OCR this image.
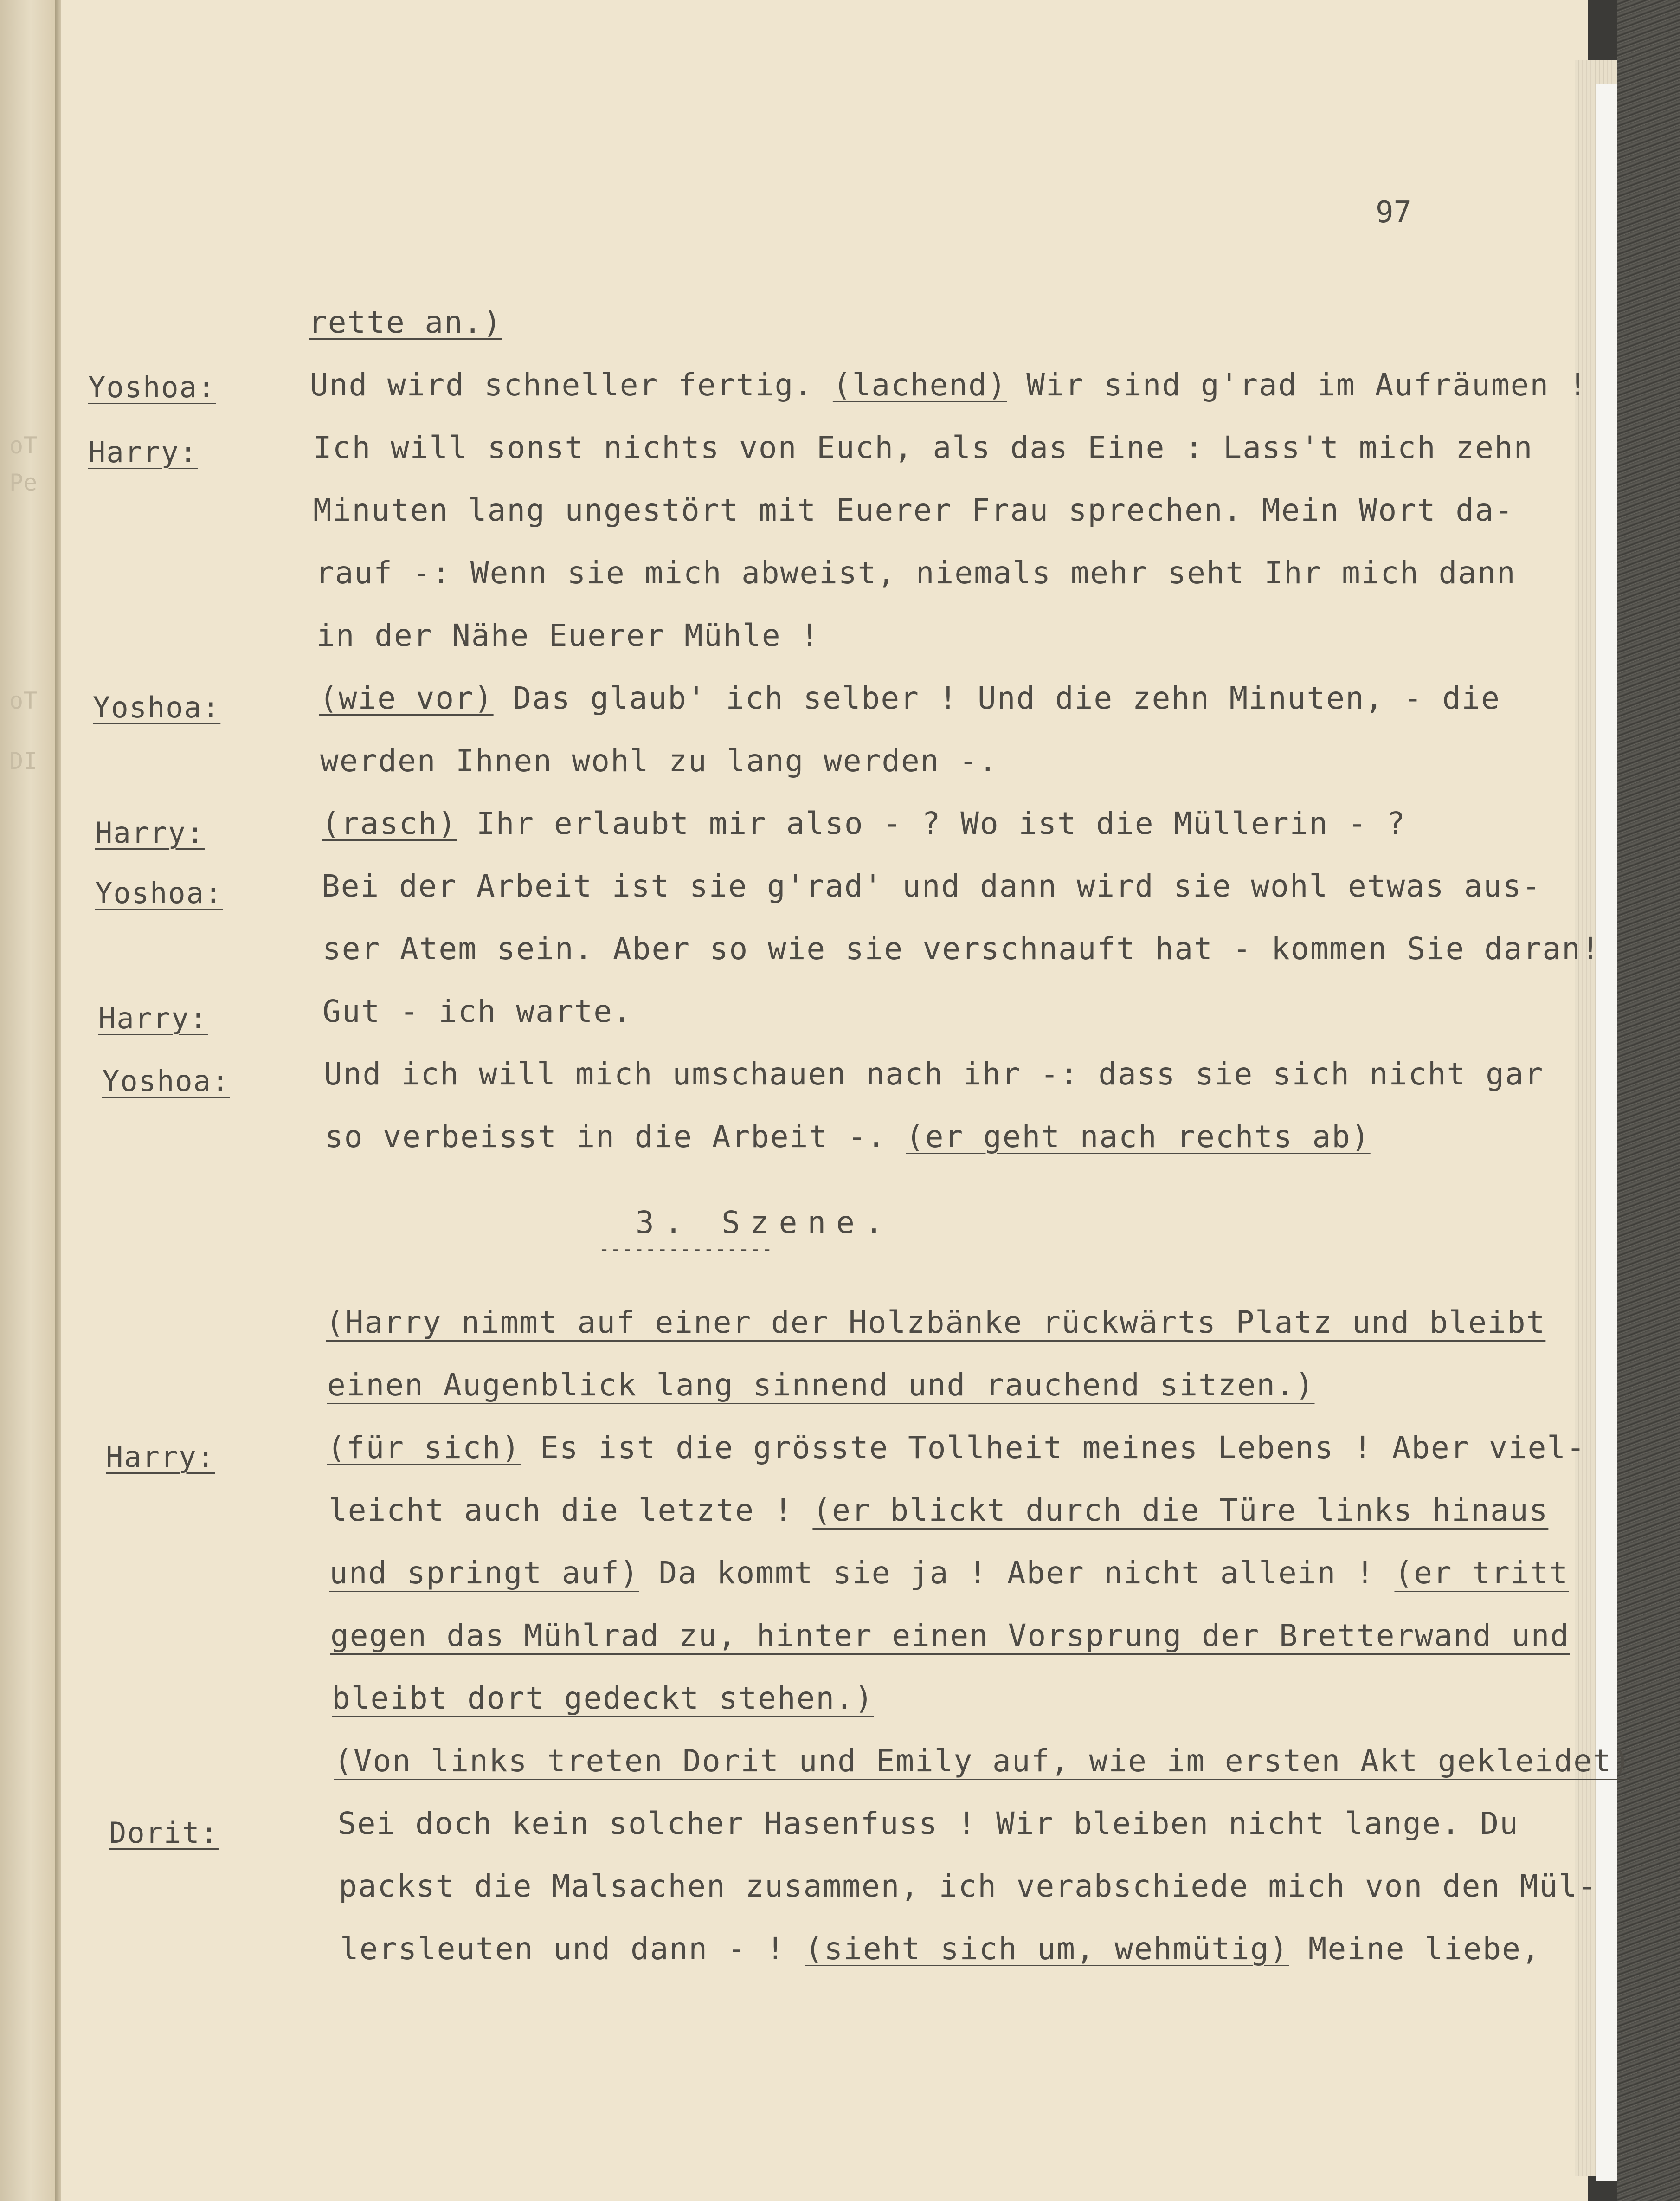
oT
Pe
oT
DI
97
Yoshoa:
Harry:
Yoshoa:
Harry:
Yoshoa:
Harry:
Yoshoa:
Harry:
Dorit:
rette an.)
Und wird schneller fertig. (lachend) Wir sind g'rad im Aufräumen !
Ich will sonst nichts von Euch, als das Eine : Lass't mich zehn
Minuten lang ungestört mit Euerer Frau sprechen. Mein Wort da-
rauf -: Wenn sie mich abweist, niemals mehr seht Ihr mich dann
in der Nähe Euerer Mühle !
(wie vor) Das glaub' ich selber ! Und die zehn Minuten, - die
werden Ihnen wohl zu lang werden -.
(rasch) Ihr erlaubt mir also - ? Wo ist die Müllerin - ?
Bei der Arbeit ist sie g'rad' und dann wird sie wohl etwas aus-
ser Atem sein. Aber so wie sie verschnauft hat - kommen Sie daran!
Gut - ich warte.
Und ich will mich umschauen nach ihr -: dass sie sich nicht gar
so verbeisst in die Arbeit -. (er geht nach rechts ab)
3. Szene.
---------------
(Harry nimmt auf einer der Holzbänke rückwärts Platz und bleibt
einen Augenblick lang sinnend und rauchend sitzen.)
(für sich) Es ist die grösste Tollheit meines Lebens ! Aber viel-
leicht auch die letzte ! (er blickt durch die Türe links hinaus
und springt auf) Da kommt sie ja ! Aber nicht allein ! (er tritt
gegen das Mühlrad zu, hinter einen Vorsprung der Bretterwand und
bleibt dort gedeckt stehen.)
(Von links treten Dorit und Emily auf, wie im ersten Akt gekleidet)
Sei doch kein solcher Hasenfuss ! Wir bleiben nicht lange. Du
packst die Malsachen zusammen, ich verabschiede mich von den Mül-
lersleuten und dann - ! (sieht sich um, wehmütig) Meine liebe,
